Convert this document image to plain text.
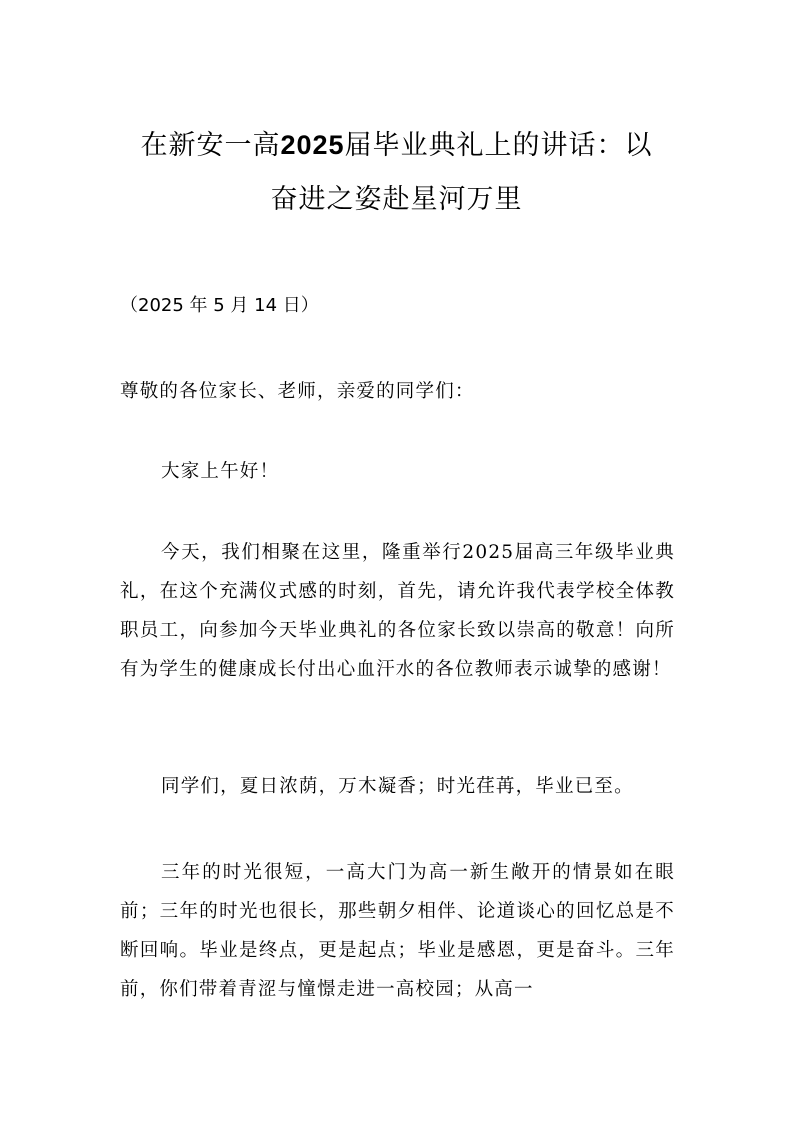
在新安一高2025届毕业典礼上的讲话：以
奋进之姿赴星河万里
（2025 年 5 月 14 日）

尊敬的各位家长、老师，亲爱的同学们：

大家上午好！

今天，我们相聚在这里，隆重举行2025届高三年级毕业典礼，在这个充满仪式感的时刻，首先，请允许我代表学校全体教职员工，向参加今天毕业典礼的各位家长致以崇高的敬意！向所有为学生的健康成长付出心血汗水的各位教师表示诚挚的感谢！

同学们，夏日浓荫，万木凝香；时光荏苒，毕业已至。

三年的时光很短，一高大门为高一新生敞开的情景如在眼前；三年的时光也很长，那些朝夕相伴、论道谈心的回忆总是不断回响。毕业是终点，更是起点；毕业是感恩，更是奋斗。三年前，你们带着青涩与憧憬走进一高校园；从高一
